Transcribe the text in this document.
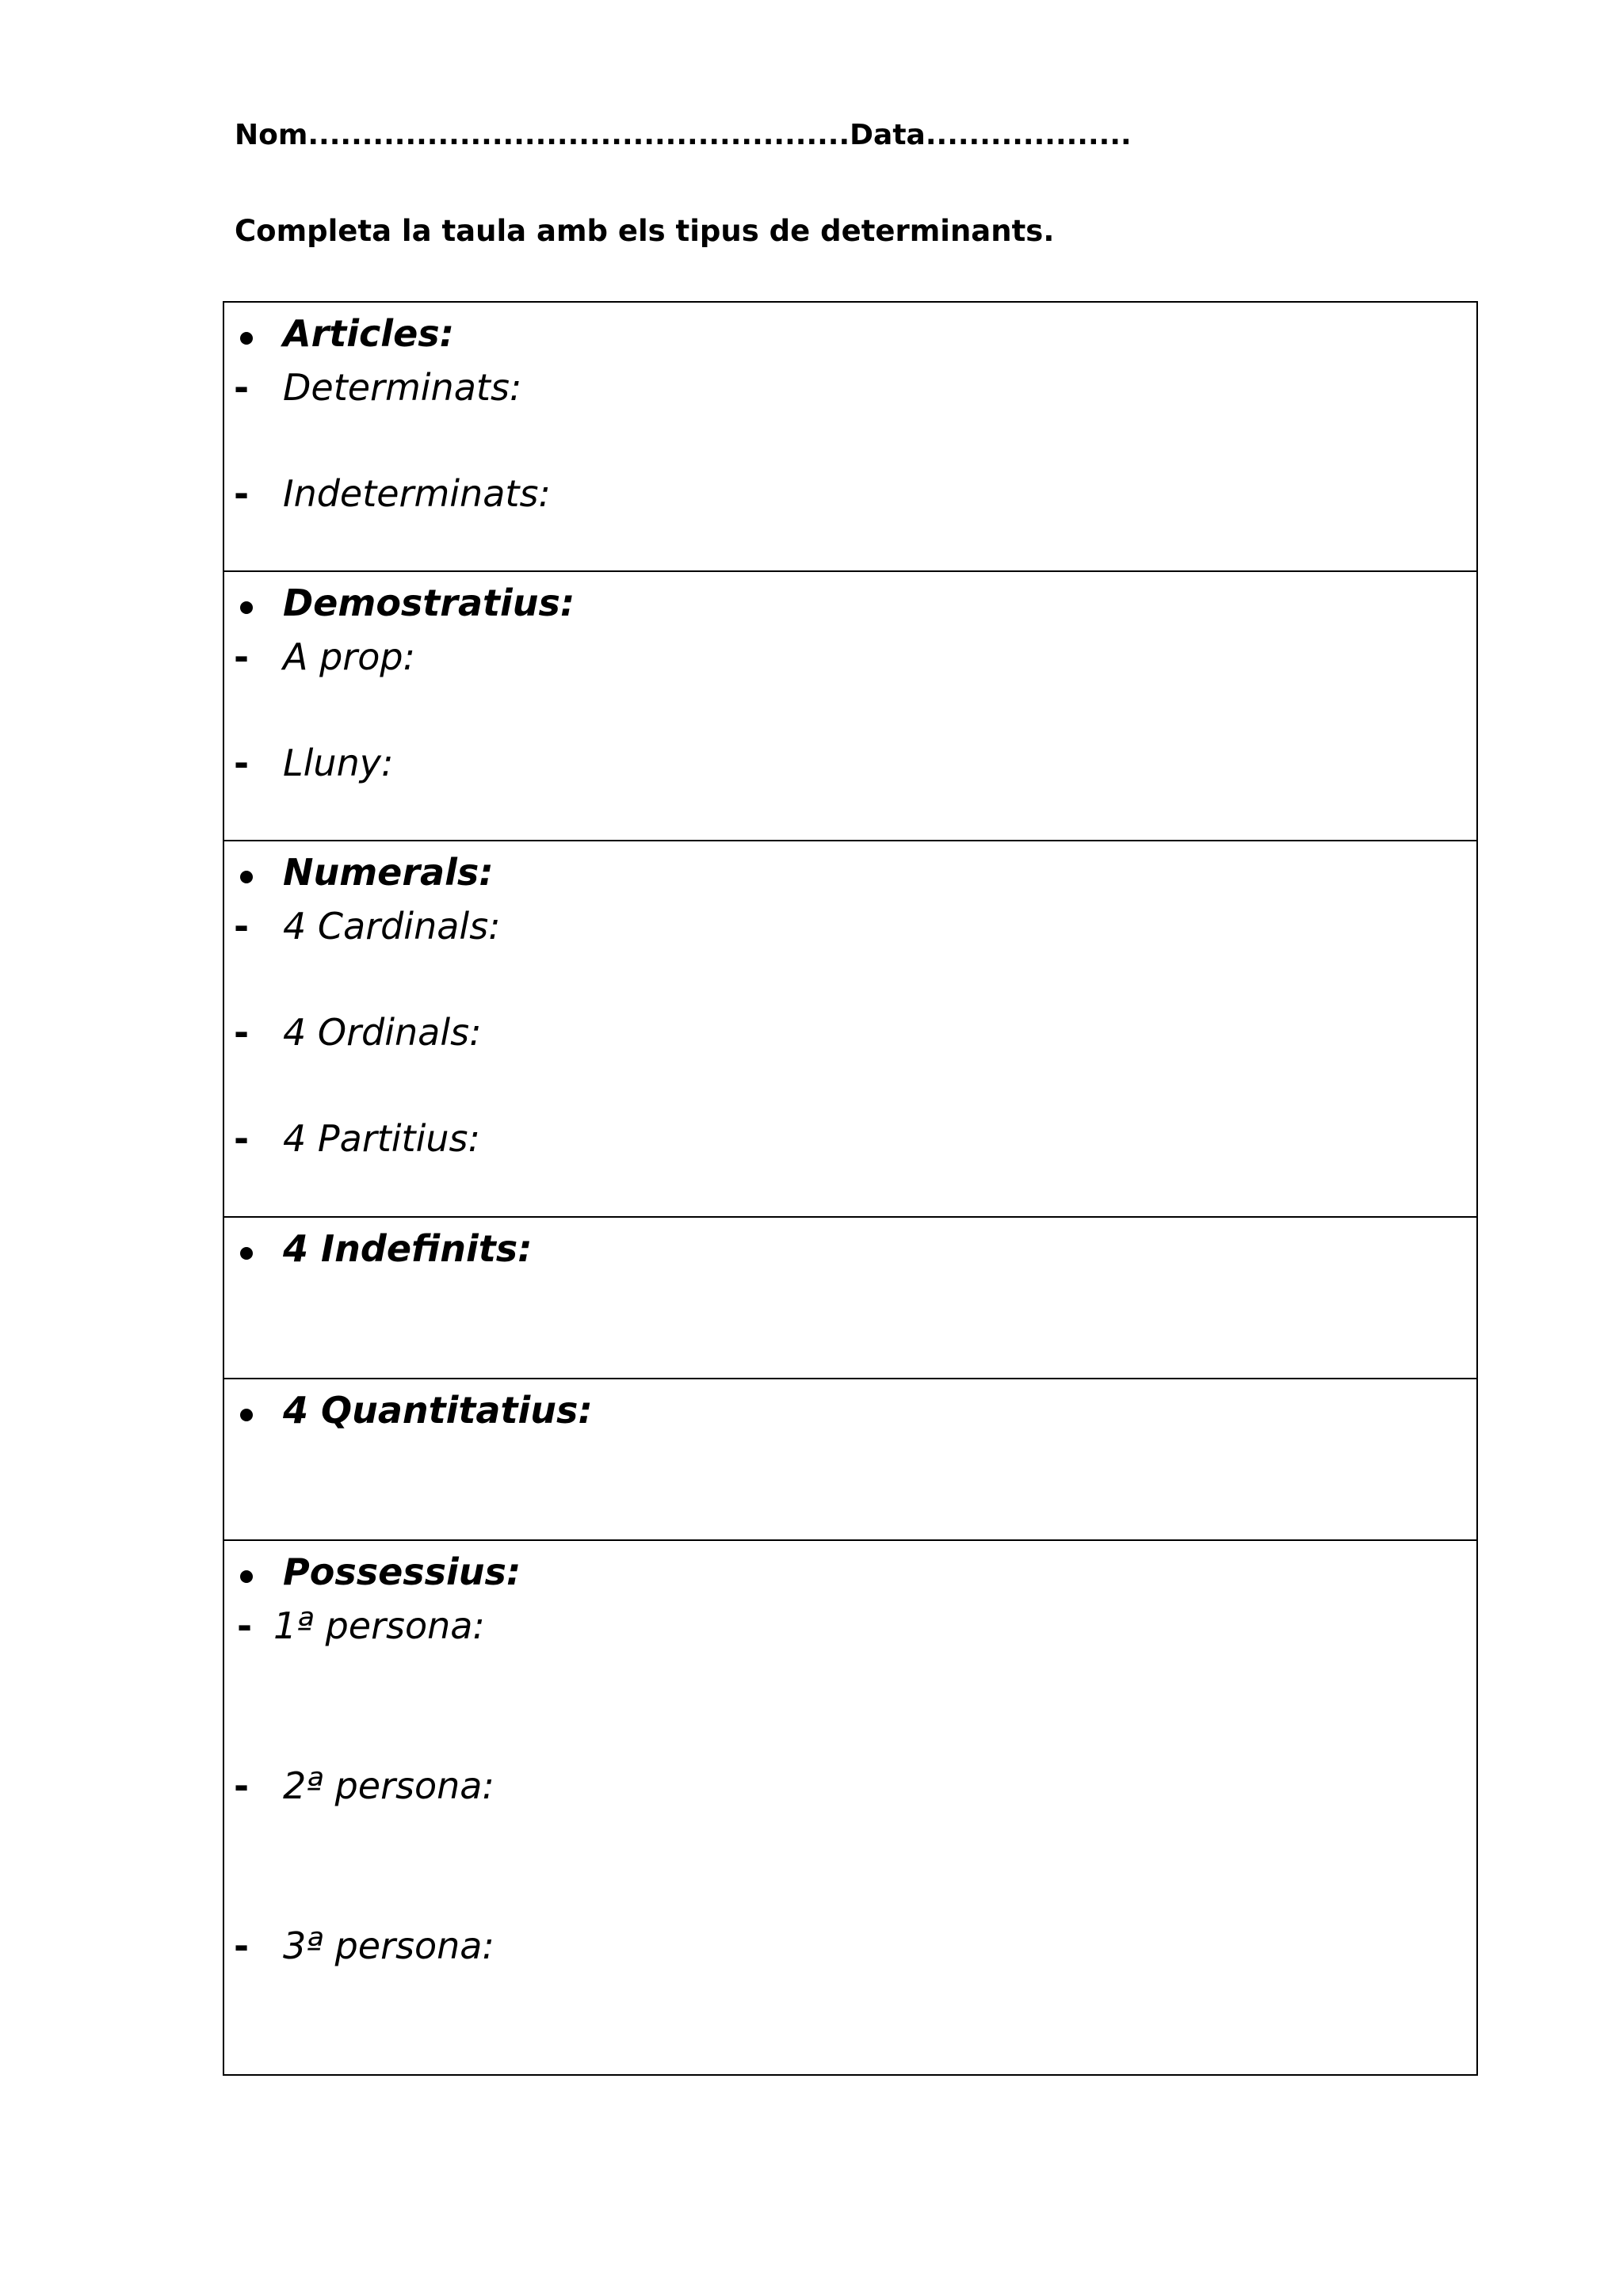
Nom..................................................Data...................
Completa la taula amb els tipus de determinants.
Articles:
- Determinats:
- Indeterminats:
Demostratius:
- A prop:
- Lluny:
Numerals:
- 4 Cardinals:
- 4 Ordinals:
- 4 Partitius:
4 Indefinits:
4 Quantitatius:
Possessius:
- 1ª persona:
- 2ª persona:
- 3ª persona:
